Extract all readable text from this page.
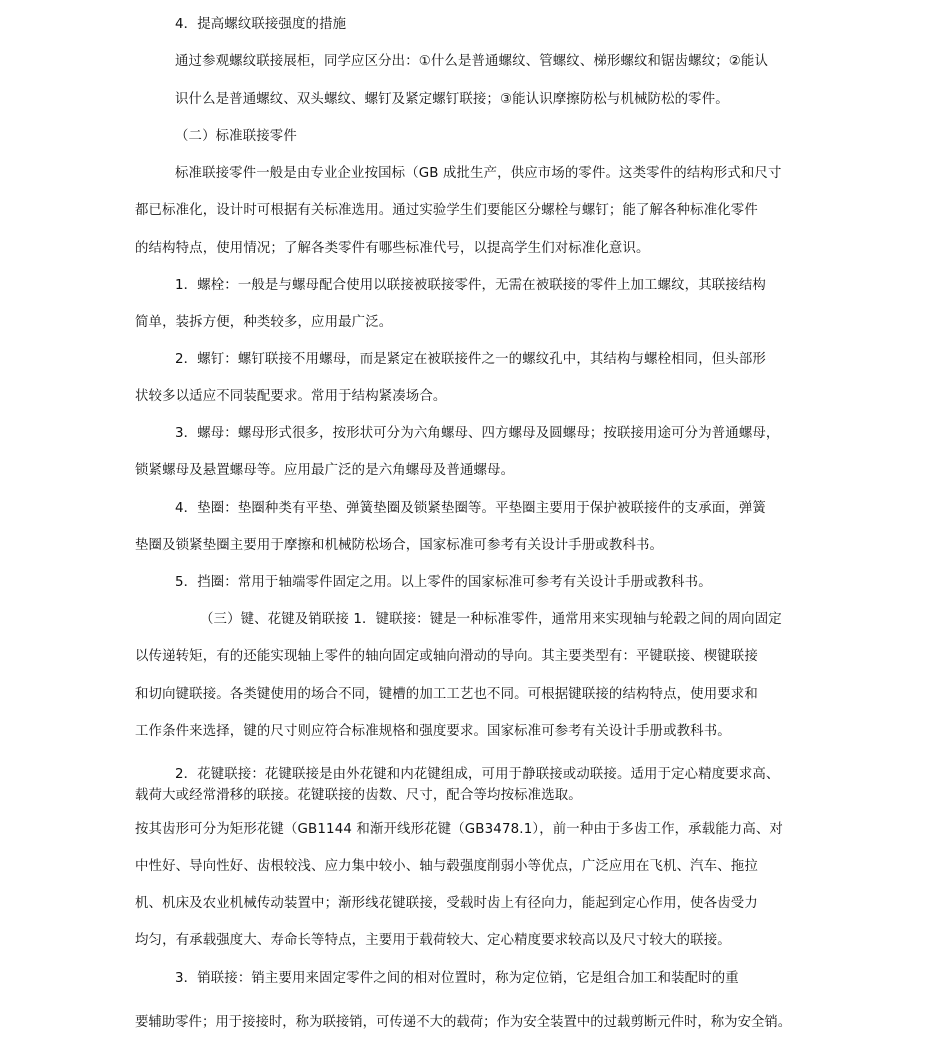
4．提高螺纹联接强度的措施
通过参观螺纹联接展柜，同学应区分出：①什么是普通螺纹、管螺纹、梯形螺纹和锯齿螺纹；②能认
识什么是普通螺纹、双头螺纹、螺钉及紧定螺钉联接；③能认识摩擦防松与机械防松的零件。
（二）标准联接零件
标准联接零件一般是由专业企业按国标（GB 成批生产，供应市场的零件。这类零件的结构形式和尺寸
都已标准化，设计时可根据有关标准选用。通过实验学生们要能区分螺栓与螺钉；能了解各种标准化零件
的结构特点，使用情况；了解各类零件有哪些标准代号，以提高学生们对标准化意识。
1．螺栓：一般是与螺母配合使用以联接被联接零件，无需在被联接的零件上加工螺纹，其联接结构
简单，装拆方便，种类较多，应用最广泛。
2．螺钉：螺钉联接不用螺母，而是紧定在被联接件之一的螺纹孔中，其结构与螺栓相同，但头部形
状较多以适应不同装配要求。常用于结构紧凑场合。
3．螺母：螺母形式很多，按形状可分为六角螺母、四方螺母及圆螺母；按联接用途可分为普通螺母，
锁紧螺母及悬置螺母等。应用最广泛的是六角螺母及普通螺母。
4．垫圈：垫圈种类有平垫、弹簧垫圈及锁紧垫圈等。平垫圈主要用于保护被联接件的支承面，弹簧
垫圈及锁紧垫圈主要用于摩擦和机械防松场合，国家标准可参考有关设计手册或教科书。
5．挡圈：常用于轴端零件固定之用。以上零件的国家标准可参考有关设计手册或教科书。
（三）键、花键及销联接 1．键联接：键是一种标准零件，通常用来实现轴与轮毂之间的周向固定
以传递转矩，有的还能实现轴上零件的轴向固定或轴向滑动的导向。其主要类型有：平键联接、楔键联接
和切向键联接。各类键使用的场合不同，键槽的加工工艺也不同。可根据键联接的结构特点，使用要求和
工作条件来选择，键的尺寸则应符合标准规格和强度要求。国家标准可参考有关设计手册或教科书。
2．花键联接：花键联接是由外花键和内花键组成，可用于静联接或动联接。适用于定心精度要求高、
载荷大或经常滑移的联接。花键联接的齿数、尺寸，配合等均按标准选取。
按其齿形可分为矩形花键（GB1144 和渐开线形花键（GB3478.1），前一种由于多齿工作，承载能力高、对
中性好、导向性好、齿根较浅、应力集中较小、轴与毂强度削弱小等优点，广泛应用在飞机、汽车、拖拉
机、机床及农业机械传动装置中；渐形线花键联接，受载时齿上有径向力，能起到定心作用，使各齿受力
均匀，有承载强度大、寿命长等特点，主要用于载荷较大、定心精度要求较高以及尺寸较大的联接。
3．销联接：销主要用来固定零件之间的相对位置时，称为定位销，它是组合加工和装配时的重
要辅助零件；用于接接时，称为联接销，可传递不大的载荷；作为安全装置中的过载剪断元件时，称为安全销。
